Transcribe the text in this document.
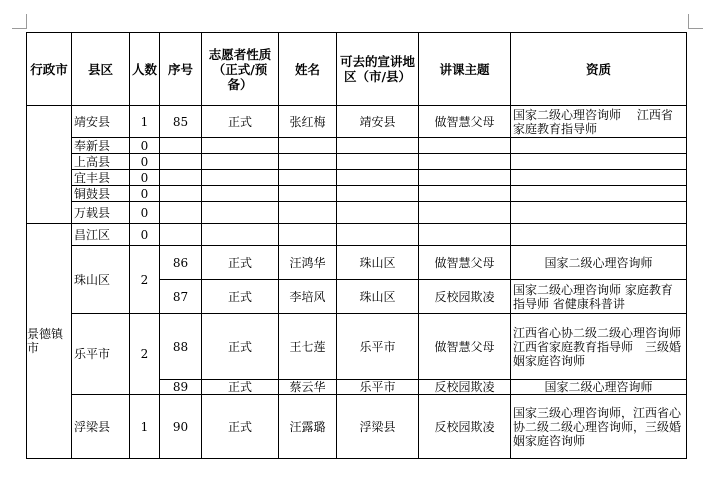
行政市	县区	人数	序号	志愿者性质（正式/预备）	姓名	可去的宣讲地区（市/县）	讲课主题	资质
	靖安县	1	85	正式	张红梅	靖安县	做智慧父母	国家二级心理咨询师　 江西省家庭教育指导师
	奉新县	0						
	上高县	0						
	宜丰县	0						
	铜鼓县	0						
	万载县	0						
景德镇市	昌江区	0						
	珠山区	2	86	正式	汪鸿华	珠山区	做智慧父母	国家二级心理咨询师
			87	正式	李培风	珠山区	反校园欺凌	国家二级心理咨询师 家庭教育指导师 省健康科普讲
	乐平市	2	88	正式	王七莲	乐平市	做智慧父母	江西省心协二级二级心理咨询师　江西省家庭教育指导师　三级婚姻家庭咨询师
			89	正式	蔡云华	乐平市	反校园欺凌	国家二级心理咨询师
	浮梁县	1	90	正式	汪露璐	浮梁县	反校园欺凌	国家三级心理咨询师，江西省心协二级二级心理咨询师，三级婚姻家庭咨询师
